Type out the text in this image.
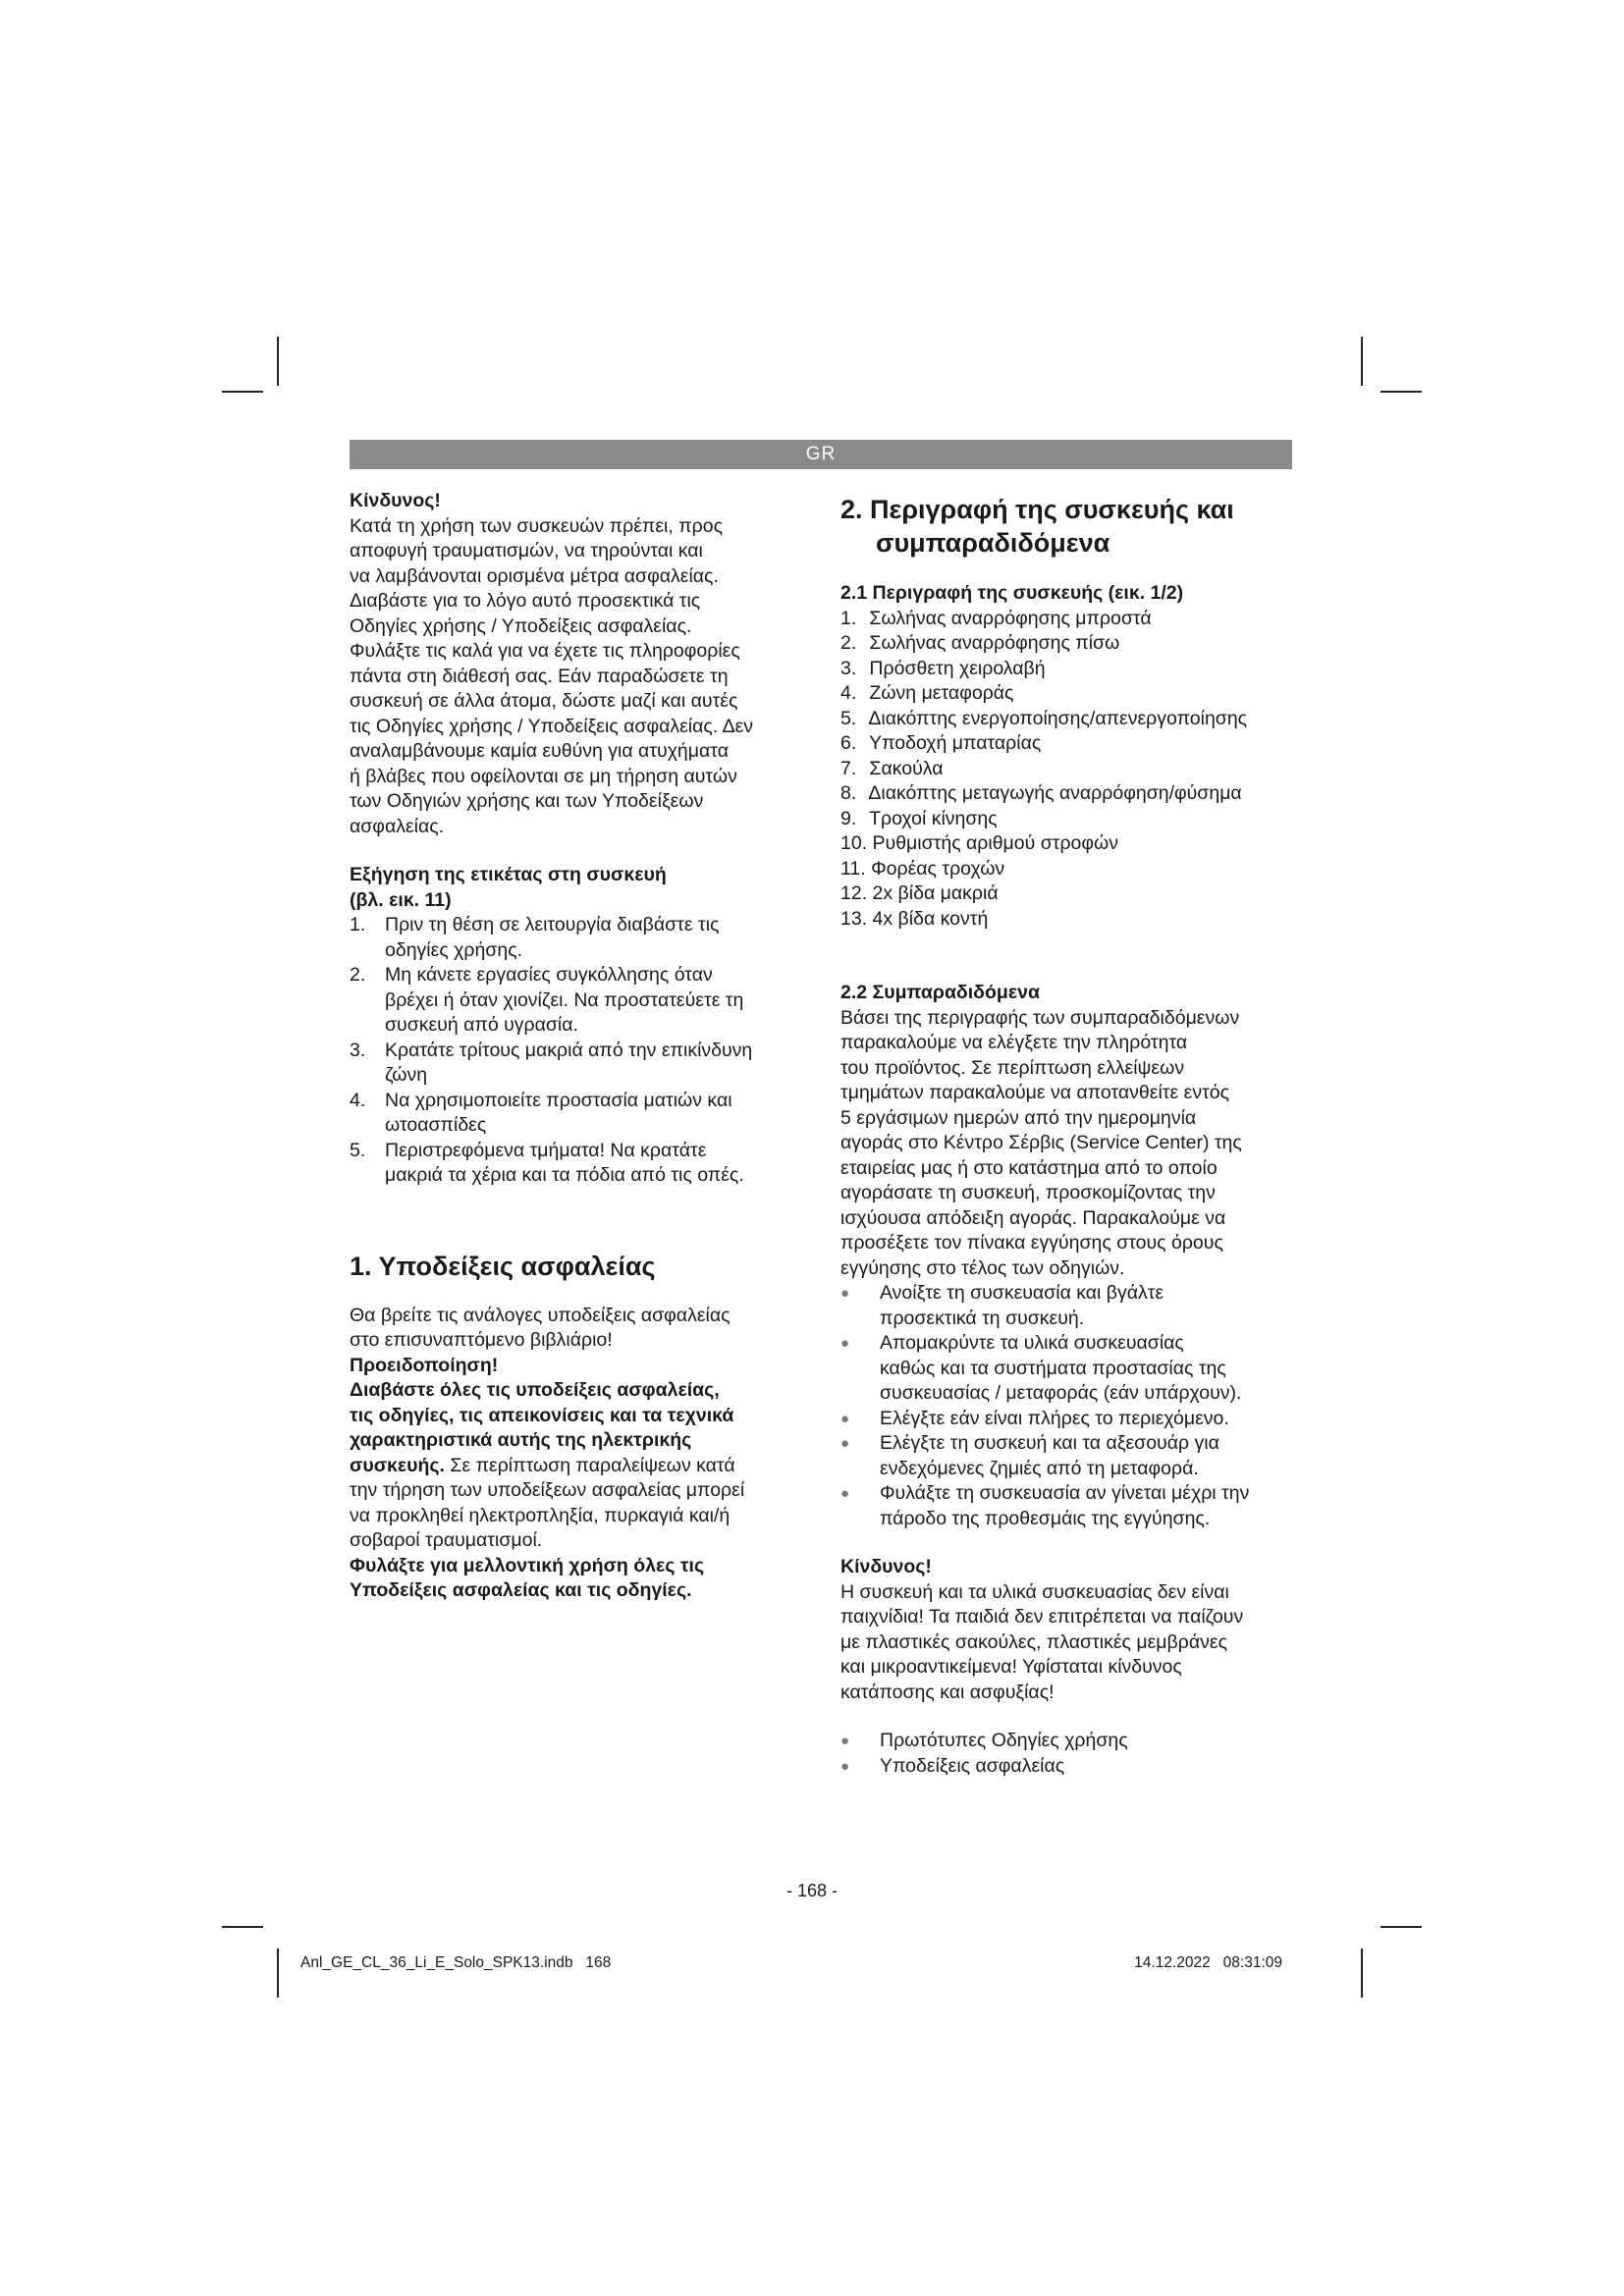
GR

Κίνδυνος!

Κατά τη χρήση των συσκευών πρέπει, προς
αποφυγή τραυματισμών, να τηρούνται και
να λαμβάνονται ορισμένα μέτρα ασφαλείας.
Διαβάστε για το λόγο αυτό προσεκτικά τις
Οδηγίες χρήσης / Υποδείξεις ασφαλείας.
Φυλάξτε τις καλά για να έχετε τις πληροφορίες
πάντα στη διάθεσή σας. Εάν παραδώσετε τη
συσκευή σε άλλα άτομα, δώστε μαζί και αυτές
τις Οδηγίες χρήσης / Υποδείξεις ασφαλείας. Δεν
αναλαμβάνουμε καμία ευθύνη για ατυχήματα
ή βλάβες που οφείλονται σε μη τήρηση αυτών
των Οδηγιών χρήσης και των Υποδείξεων
ασφαλείας.

Εξήγηση της ετικέτας στη συσκευή

(βλ. εικ. 11)

1. Πριν τη θέση σε λειτουργία διαβάστε τις
οδηγίες χρήσης.
2. Μη κάνετε εργασίες συγκόλλησης όταν
βρέχει ή όταν χιονίζει. Να προστατεύετε τη
συσκευή από υγρασία.
3. Κρατάτε τρίτους μακριά από την επικίνδυνη
ζώνη
4. Να χρησιμοποιείτε προστασία ματιών και
ωτοασπίδες
5. Περιστρεφόμενα τμήματα! Να κρατάτε
μακριά τα χέρια και τα πόδια από τις οπές.
1. Υποδείξεις ασφαλείας
Θα βρείτε τις ανάλογες υποδείξεις ασφαλείας
στο επισυναπτόμενο βιβλιάριο!

Προειδοποίηση!

Διαβάστε όλες τις υποδείξεις ασφαλείας,
τις οδηγίες, τις απεικονίσεις και τα τεχνικά
χαρακτηριστικά αυτής της ηλεκτρικής
συσκευής. Σε περίπτωση παραλείψεων κατά
την τήρηση των υποδείξεων ασφαλείας μπορεί
να προκληθεί ηλεκτροπληξία, πυρκαγιά και/ή
σοβαροί τραυματισμοί.
Φυλάξτε για μελλοντική χρήση όλες τις
Υποδείξεις ασφαλείας και τις οδηγίες.
2. Περιγραφή της συσκευής και
συμπαραδιδόμενα

2.1 Περιγραφή της συσκευής (εικ. 1/2)

1. Σωλήνας αναρρόφησης μπροστά
2. Σωλήνας αναρρόφησης πίσω
3. Πρόσθετη χειρολαβή
4. Ζώνη μεταφοράς
5. Διακόπτης ενεργοποίησης/απενεργοποίησης
6. Υποδοχή μπαταρίας
7. Σακούλα
8. Διακόπτης μεταγωγής αναρρόφηση/φύσημα
9. Τροχοί κίνησης
10. Ρυθμιστής αριθμού στροφών
11. Φορέας τροχών
12. 2x βίδα μακριά
13. 4x βίδα κοντή

2.2 Συμπαραδιδόμενα

Βάσει της περιγραφής των συμπαραδιδόμενων
παρακαλούμε να ελέγξετε την πληρότητα
του προϊόντος. Σε περίπτωση ελλείψεων
τμημάτων παρακαλούμε να αποτανθείτε εντός
5 εργάσιμων ημερών από την ημερομηνία
αγοράς στο Κέντρο Σέρβις (Service Center) της
εταιρείας μας ή στο κατάστημα από το οποίο
αγοράσατε τη συσκευή, προσκομίζοντας την
ισχύουσα απόδειξη αγοράς. Παρακαλούμε να
προσέξετε τον πίνακα εγγύησης στους όρους
εγγύησης στο τέλος των οδηγιών.
● Ανοίξτε τη συσκευασία και βγάλτε
προσεκτικά τη συσκευή.
● Απομακρύντε τα υλικά συσκευασίας
καθώς και τα συστήματα προστασίας της
συσκευασίας / μεταφοράς (εάν υπάρχουν).
● Ελέγξτε εάν είναι πλήρες το περιεχόμενο.
● Ελέγξτε τη συσκευή και τα αξεσουάρ για
ενδεχόμενες ζημιές από τη μεταφορά.
● Φυλάξτε τη συσκευασία αν γίνεται μέχρι την
πάροδο της προθεσμάις της εγγύησης.

Κίνδυνος!

Η συσκευή και τα υλικά συσκευασίας δεν είναι
παιχνίδια! Τα παιδιά δεν επιτρέπεται να παίζουν
με πλαστικές σακούλες, πλαστικές μεμβράνες
και μικροαντικείμενα! Υφίσταται κίνδυνος
κατάποσης και ασφυξίας!
● Πρωτότυπες Οδηγίες χρήσης
● Υποδείξεις ασφαλείας
- 168 -
Anl_GE_CL_36_Li_E_Solo_SPK13.indb   168	14.12.2022   08:31:09
